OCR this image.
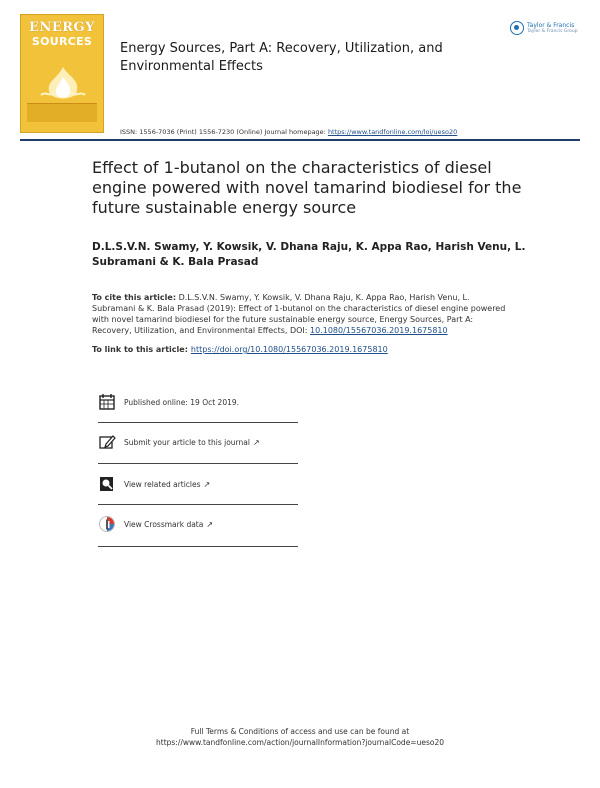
ENERGY
SOURCES	Energy Sources, Part A: Recovery, Utilization, and Environmental Effects
Taylor & Francis
Taylor & Francis Group
ISSN: 1556-7036 (Print) 1556-7230 (Online) Journal homepage: https://www.tandfonline.com/loi/ueso20
Effect of 1-butanol on the characteristics of diesel engine powered with novel tamarind biodiesel for the future sustainable energy source
D.L.S.V.N. Swamy, Y. Kowsik, V. Dhana Raju, K. Appa Rao, Harish Venu, L. Subramani & K. Bala Prasad
To cite this article: D.L.S.V.N. Swamy, Y. Kowsik, V. Dhana Raju, K. Appa Rao, Harish Venu, L. Subramani & K. Bala Prasad (2019): Effect of 1-butanol on the characteristics of diesel engine powered with novel tamarind biodiesel for the future sustainable energy source, Energy Sources, Part A: Recovery, Utilization, and Environmental Effects, DOI: 10.1080/15567036.2019.1675810
To link to this article: https://doi.org/10.1080/15567036.2019.1675810
Published online: 19 Oct 2019.
Submit your article to this journal ↗
View related articles ↗
View Crossmark data ↗
Full Terms & Conditions of access and use can be found at
https://www.tandfonline.com/action/journalInformation?journalCode=ueso20
